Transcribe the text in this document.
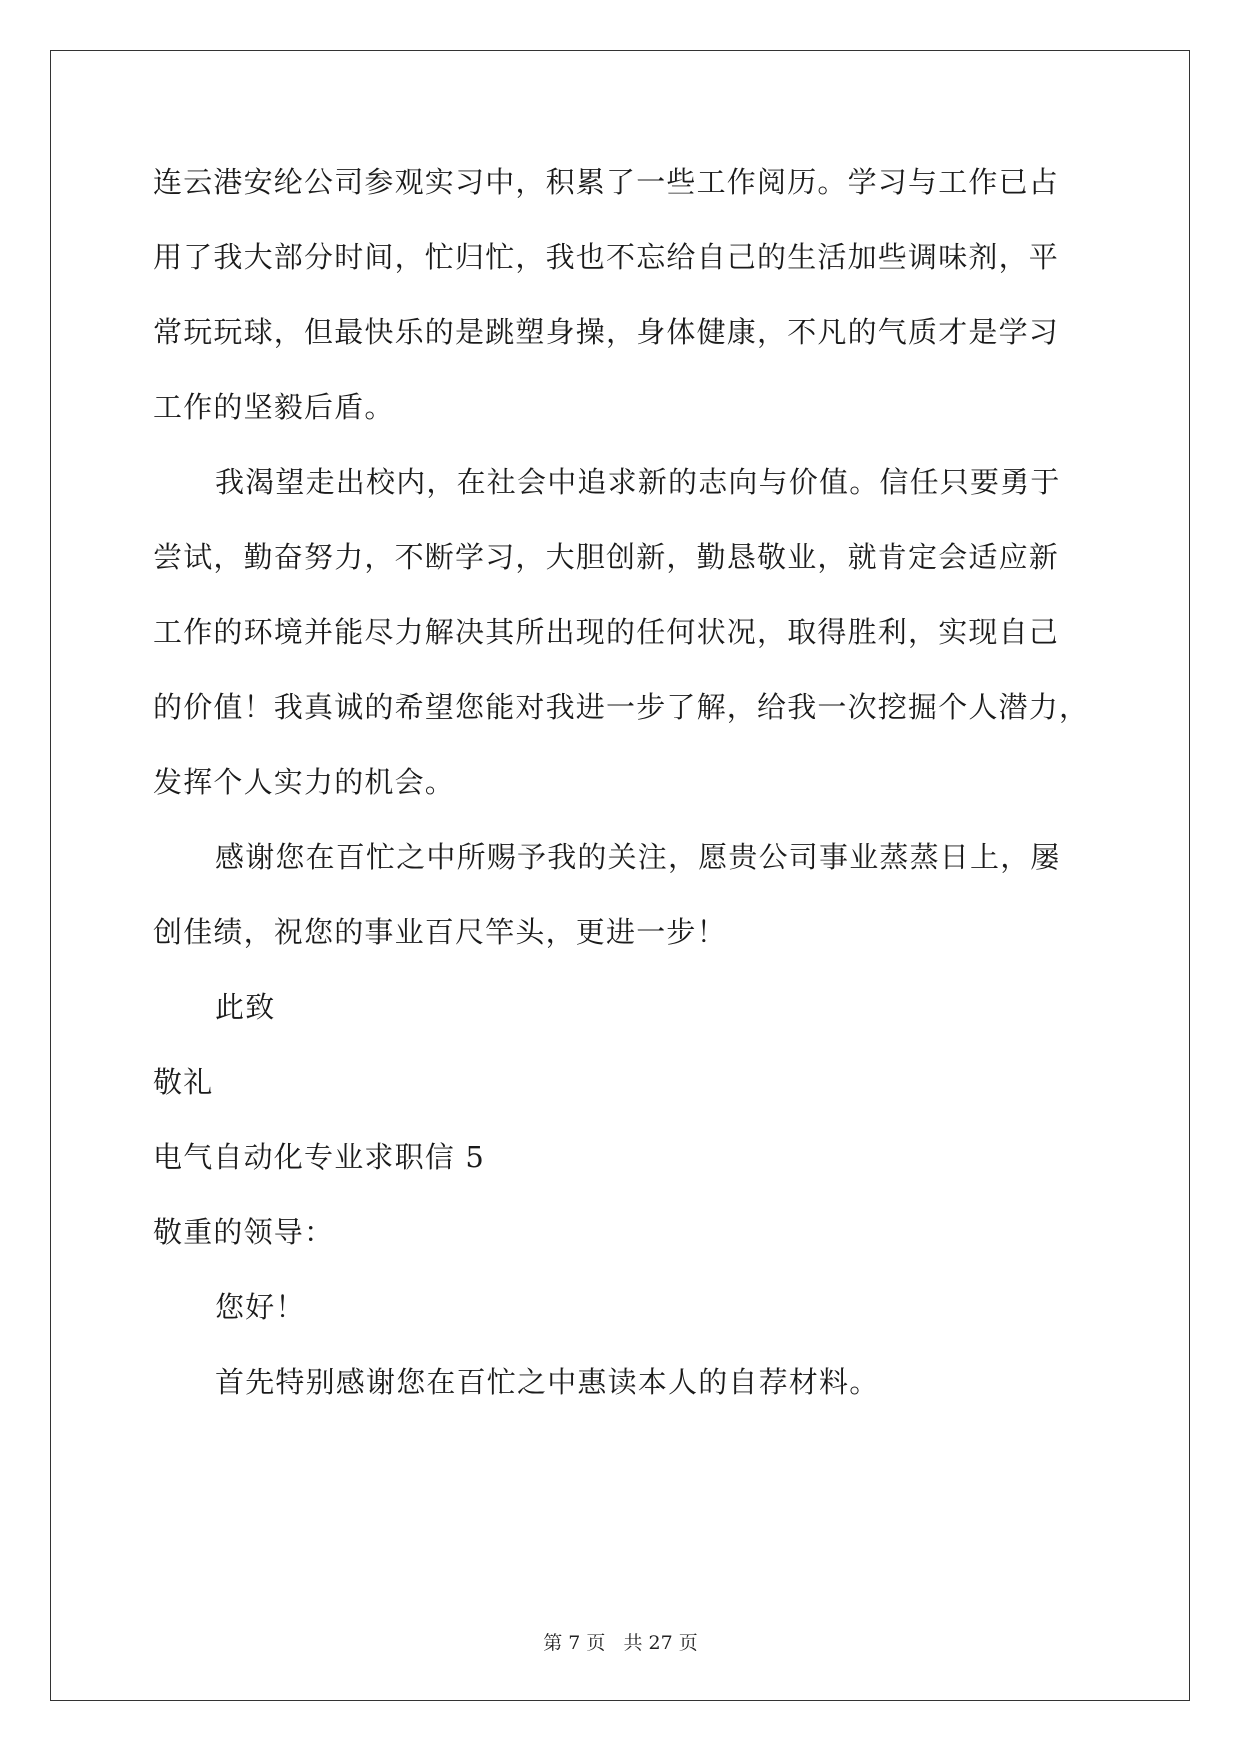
连云港安纶公司参观实习中，积累了一些工作阅历。学习与工作已占
用了我大部分时间，忙归忙，我也不忘给自己的生活加些调味剂，平
常玩玩球，但最快乐的是跳塑身操，身体健康，不凡的气质才是学习
工作的坚毅后盾。
我渴望走出校内，在社会中追求新的志向与价值。信任只要勇于
尝试，勤奋努力，不断学习，大胆创新，勤恳敬业，就肯定会适应新
工作的环境并能尽力解决其所出现的任何状况，取得胜利，实现自己
的价值！我真诚的希望您能对我进一步了解，给我一次挖掘个人潜力，
发挥个人实力的机会。
感谢您在百忙之中所赐予我的关注，愿贵公司事业蒸蒸日上，屡
创佳绩，祝您的事业百尺竿头，更进一步！
此致
敬礼
电气自动化专业求职信 5
敬重的领导：
您好！
首先特别感谢您在百忙之中惠读本人的自荐材料。
第 7 页 共 27 页
